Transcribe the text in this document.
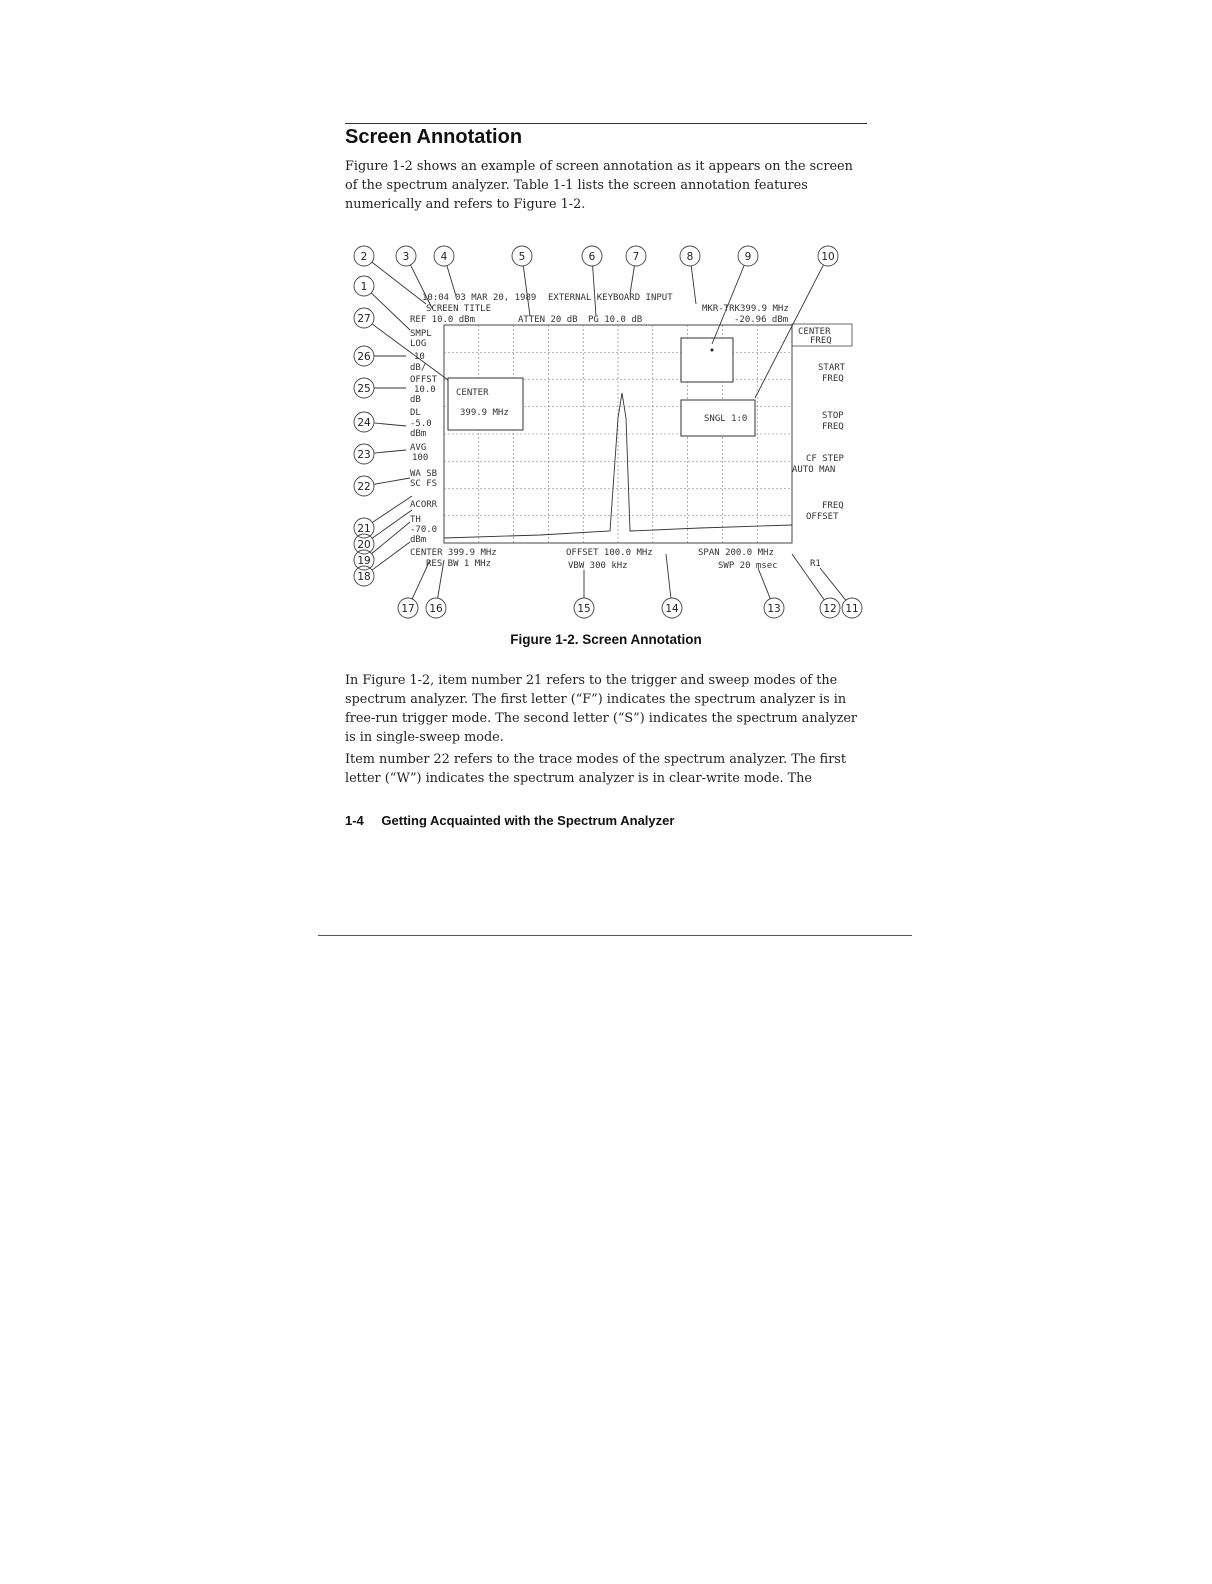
Screen Annotation

Figure 1-2 shows an example of screen annotation as it appears on the screen of the spectrum analyzer. Table 1-1 lists the screen annotation features numerically and refers to Figure 1-2.

CENTER
399.9 MHz
SNGL 1:0
10:04 03 MAR 20, 1989 EXTERNAL KEYBOARD INPUT
SCREEN TITLE
REF 10.0 dBm	ATTEN 20 dB PG 10.0 dB
MKR-TRK 399.9 MHz
-20.96 dBm
SMPL
LOG
10
dB/
OFFST
10.0
dB
DL
-5.0
dBm
AVG
100
WA SB
SC FS
ACORR
TH
-70.0
dBm
CENTER 399.9 MHz
RES BW 1 MHz
OFFSET 100.0 MHz
VBW 300 kHz
SPAN 200.0 MHz
SWP 20 msec	R1
CENTER
FREQ
START
FREQ
STOP
FREQ
CF STEP
AUTO MAN
FREQ
OFFSET
1
2	3	4	5	6	7	8	9	10
11
12
13
14
15
16
17
18
19
20
21
22
23
24
25
26
27
Figure 1-2. Screen Annotation

In Figure 1-2, item number 21 refers to the trigger and sweep modes of the spectrum analyzer. The first letter (“F”) indicates the spectrum analyzer is in free-run trigger mode. The second letter (“S”) indicates the spectrum analyzer is in single-sweep mode.

Item number 22 refers to the trace modes of the spectrum analyzer. The first letter (“W”) indicates the spectrum analyzer is in clear-write mode. The

1-4 Getting Acquainted with the Spectrum Analyzer
